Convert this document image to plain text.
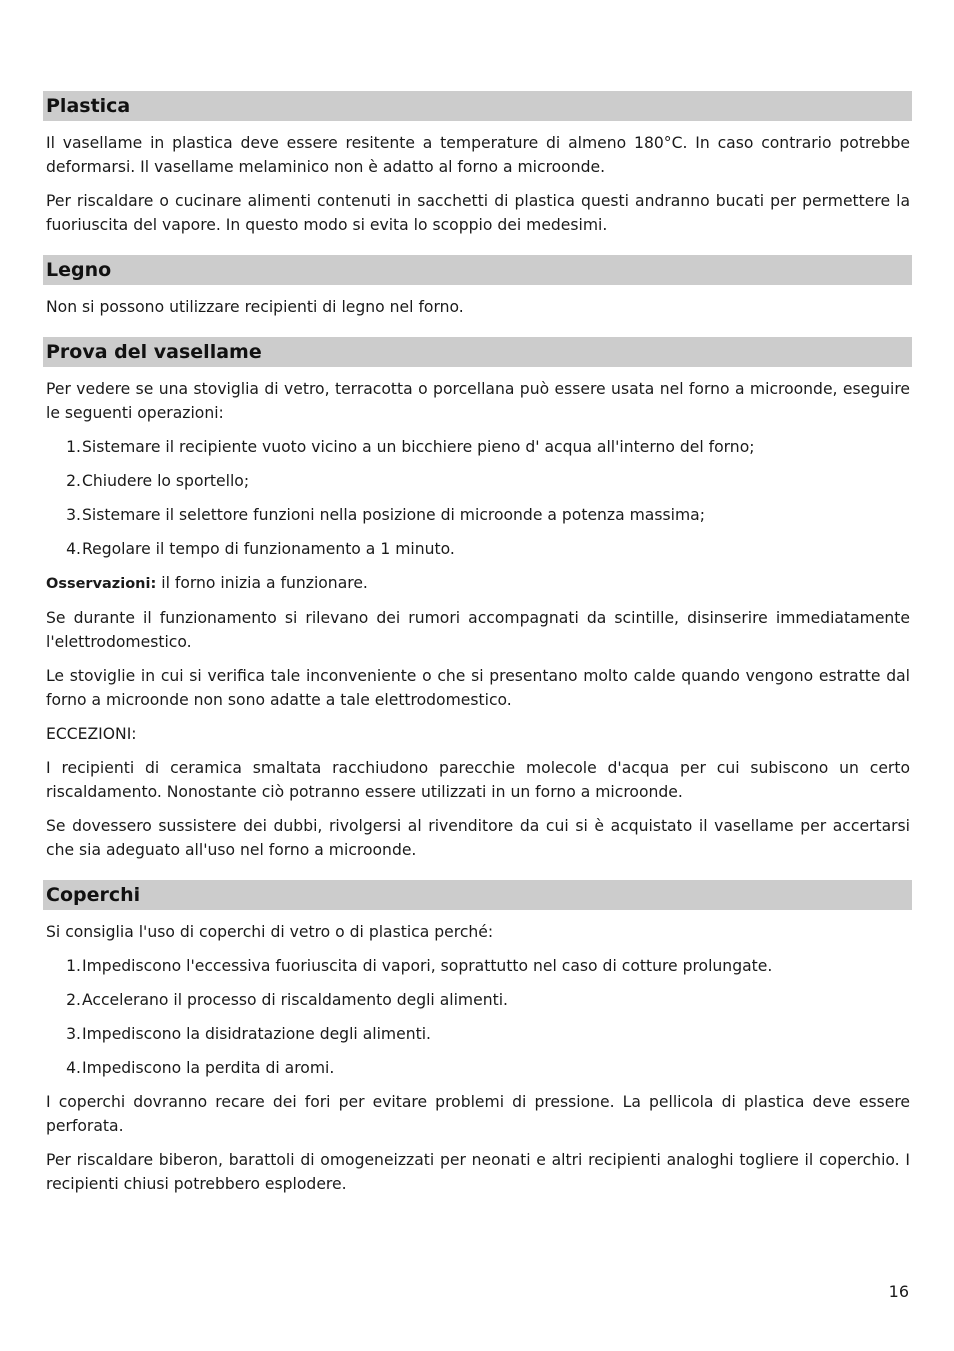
Plastica

Il vasellame in plastica deve essere resitente a temperature di almeno 180°C. In caso contrario potrebbe deformarsi. Il vasellame melaminico non è adatto al forno a microonde.

Per riscaldare o cucinare alimenti contenuti in sacchetti di plastica questi andranno bucati per permettere la fuoriuscita del vapore. In questo modo si evita lo scoppio dei medesimi.

Legno

Non si possono utilizzare recipienti di legno nel forno.

Prova del vasellame

Per vedere se una stoviglia di vetro, terracotta o porcellana può essere usata nel forno a microonde, eseguire le seguenti operazioni:

1. Sistemare il recipiente vuoto vicino a un bicchiere pieno d' acqua all'interno del forno;
2. Chiudere lo sportello;
3. Sistemare il selettore funzioni nella posizione di microonde a potenza massima;
4. Regolare il tempo di funzionamento a 1 minuto.

Osservazioni: il forno inizia a funzionare.

Se durante il funzionamento si rilevano dei rumori accompagnati da scintille, disinserire immediatamente l'elettrodomestico.

Le stoviglie in cui si verifica tale inconveniente o che si presentano molto calde quando vengono estratte dal forno a microonde non sono adatte a tale elettrodomestico.

ECCEZIONI:

I recipienti di ceramica smaltata racchiudono parecchie molecole d'acqua per cui subiscono un certo riscaldamento. Nonostante ciò potranno essere utilizzati in un forno a microonde.

Se dovessero sussistere dei dubbi, rivolgersi al rivenditore da cui si è acquistato il vasellame per accertarsi che sia adeguato all'uso nel forno a microonde.

Coperchi

Si consiglia l'uso di coperchi di vetro o di plastica perché:

1. Impediscono l'eccessiva fuoriuscita di vapori, soprattutto nel caso di cotture prolungate.
2. Accelerano il processo di riscaldamento degli alimenti.
3. Impediscono la disidratazione degli alimenti.
4. Impediscono la perdita di aromi.

I coperchi dovranno recare dei fori per evitare problemi di pressione. La pellicola di plastica deve essere perforata.

Per riscaldare biberon, barattoli di omogeneizzati per neonati e altri recipienti analoghi togliere il coperchio. I recipienti chiusi potrebbero esplodere.

16
